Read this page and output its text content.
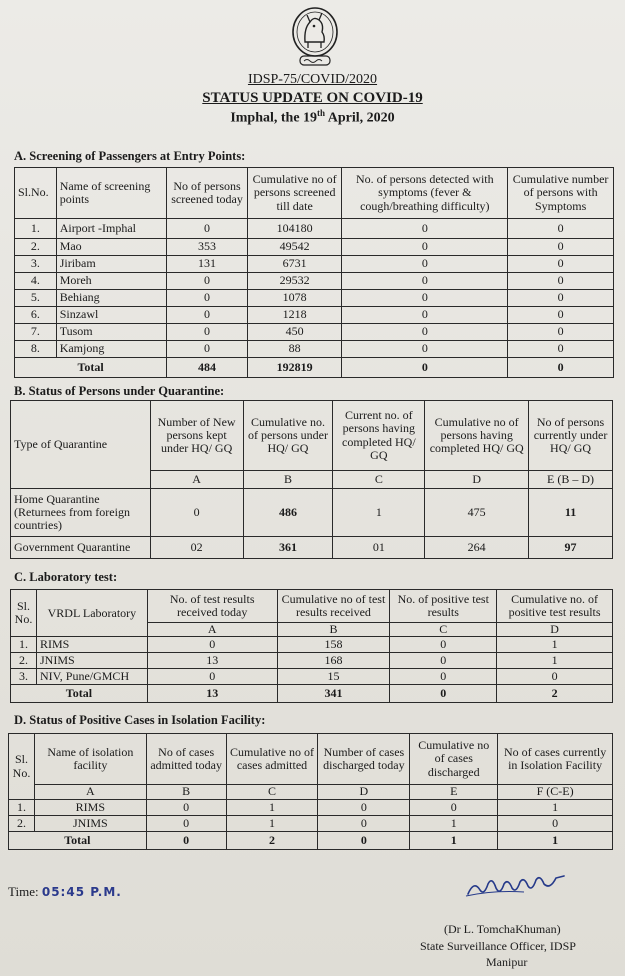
IDSP-75/COVID/2020
STATUS UPDATE ON COVID-19
Imphal, the 19th April, 2020
A. Screening of Passengers at Entry Points:
Sl.No.	Name of screening points	No of persons screened today	Cumulative no of persons screened till date	No. of persons detected with symptoms (fever & cough/breathing difficulty)	Cumulative number of persons with Symptoms
1.	Airport -Imphal	0	104180	0	0
2.	Mao	353	49542	0	0
3.	Jiribam	131	6731	0	0
4.	Moreh	0	29532	0	0
5.	Behiang	0	1078	0	0
6.	Sinzawl	0	1218	0	0
7.	Tusom	0	450	0	0
8.	Kamjong	0	88	0	0
Total		484	192819	0	0
B. Status of Persons under Quarantine:
Type of Quarantine	Number of New persons kept under HQ/ GQ	Cumulative no. of persons under HQ/ GQ	Current no. of persons having completed HQ/ GQ	Cumulative no of persons having completed HQ/ GQ	No of persons currently under HQ/ GQ
	A	B	C	D	E (B – D)
Home Quarantine (Returnees from foreign countries)	0	486	1	475	11
Government Quarantine	02	361	01	264	97
C. Laboratory test:
Sl. No.	VRDL Laboratory	No. of test results received today	Cumulative no of test results received	No. of positive test results	Cumulative no. of positive test results
		A	B	C	D
1.	RIMS	0	158	0	1
2.	JNIMS	13	168	0	1
3.	NIV, Pune/GMCH	0	15	0	0
Total		13	341	0	2
D. Status of Positive Cases in Isolation Facility:
Sl. No.	Name of isolation facility	No of cases admitted today	Cumulative no of cases admitted	Number of cases discharged today	Cumulative no of cases discharged	No of cases currently in Isolation Facility
	A	B	C	D	E	F (C-E)
1.	RIMS	0	1	0	0	1
2.	JNIMS	0	1	0	1	0
Total		0	2	0	1	1
Time: 05:45 P.M.
(Dr L. TomchaKhuman)
State Surveillance Officer, IDSP
Manipur
